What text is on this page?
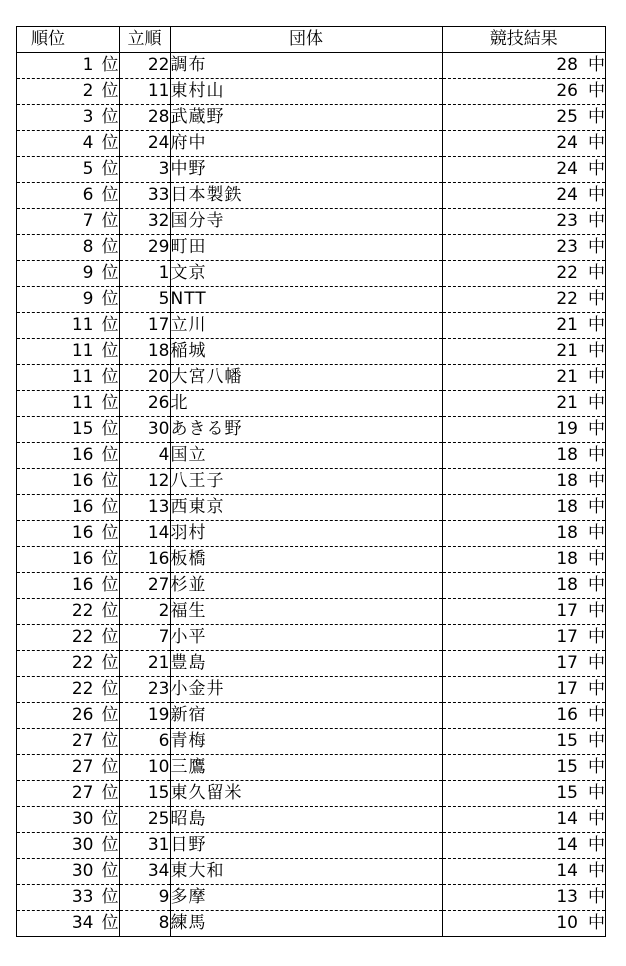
順位	立順	団体	競技結果
1 位	22	調布	28 中
2 位	11	東村山	26 中
3 位	28	武蔵野	25 中
4 位	24	府中	24 中
5 位	3	中野	24 中
6 位	33	日本製鉄	24 中
7 位	32	国分寺	23 中
8 位	29	町田	23 中
9 位	1	文京	22 中
9 位	5	NTT	22 中
11 位	17	立川	21 中
11 位	18	稲城	21 中
11 位	20	大宮八幡	21 中
11 位	26	北	21 中
15 位	30	あきる野	19 中
16 位	4	国立	18 中
16 位	12	八王子	18 中
16 位	13	西東京	18 中
16 位	14	羽村	18 中
16 位	16	板橋	18 中
16 位	27	杉並	18 中
22 位	2	福生	17 中
22 位	7	小平	17 中
22 位	21	豊島	17 中
22 位	23	小金井	17 中
26 位	19	新宿	16 中
27 位	6	青梅	15 中
27 位	10	三鷹	15 中
27 位	15	東久留米	15 中
30 位	25	昭島	14 中
30 位	31	日野	14 中
30 位	34	東大和	14 中
33 位	9	多摩	13 中
34 位	8	練馬	10 中
